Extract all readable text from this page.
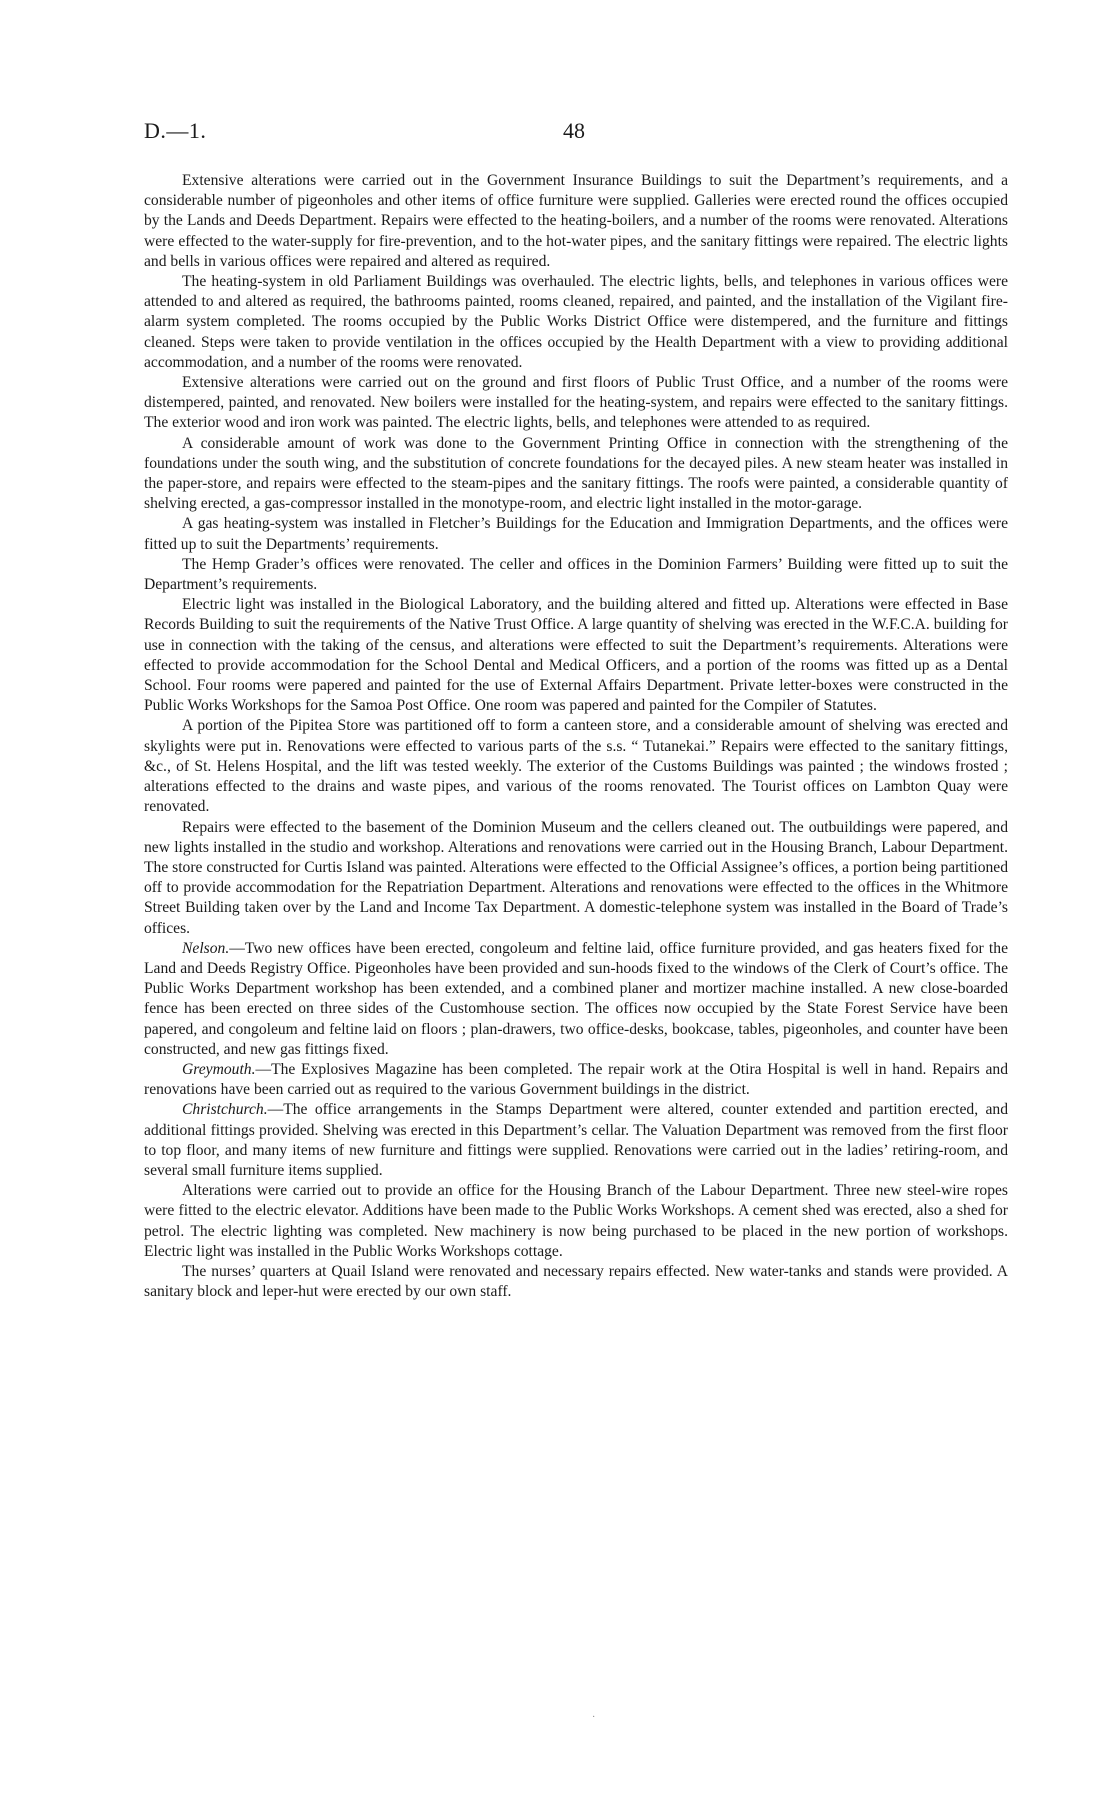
D.—1.	48

Extensive alterations were carried out in the Government Insurance Buildings to suit the Department’s requirements, and a considerable number of pigeonholes and other items of office furniture were supplied. Galleries were erected round the offices occupied by the Lands and Deeds Department. Repairs were effected to the heating-boilers, and a number of the rooms were renovated. Alterations were effected to the water-supply for fire-prevention, and to the hot-water pipes, and the sanitary fittings were repaired. The electric lights and bells in various offices were repaired and altered as required.

The heating-system in old Parliament Buildings was overhauled. The electric lights, bells, and telephones in various offices were attended to and altered as required, the bathrooms painted, rooms cleaned, repaired, and painted, and the installation of the Vigilant fire-alarm system completed. The rooms occupied by the Public Works District Office were distempered, and the furniture and fittings cleaned. Steps were taken to provide ventilation in the offices occupied by the Health Department with a view to providing additional accommodation, and a number of the rooms were renovated.

Extensive alterations were carried out on the ground and first floors of Public Trust Office, and a number of the rooms were distempered, painted, and renovated. New boilers were installed for the heating-system, and repairs were effected to the sanitary fittings. The exterior wood and iron work was painted. The electric lights, bells, and telephones were attended to as required.

A considerable amount of work was done to the Government Printing Office in connection with the strengthening of the foundations under the south wing, and the substitution of concrete foundations for the decayed piles. A new steam heater was installed in the paper-store, and repairs were effected to the steam-pipes and the sanitary fittings. The roofs were painted, a considerable quantity of shelving erected, a gas-compressor installed in the monotype-room, and electric light installed in the motor-garage.

A gas heating-system was installed in Fletcher’s Buildings for the Education and Immigration Departments, and the offices were fitted up to suit the Departments’ requirements.

The Hemp Grader’s offices were renovated. The celler and offices in the Dominion Farmers’ Building were fitted up to suit the Department’s requirements.

Electric light was installed in the Biological Laboratory, and the building altered and fitted up. Alterations were effected in Base Records Building to suit the requirements of the Native Trust Office. A large quantity of shelving was erected in the W.F.C.A. building for use in connection with the taking of the census, and alterations were effected to suit the Department’s requirements. Alterations were effected to provide accommodation for the School Dental and Medical Officers, and a portion of the rooms was fitted up as a Dental School. Four rooms were papered and painted for the use of External Affairs Department. Private letter-boxes were constructed in the Public Works Workshops for the Samoa Post Office. One room was papered and painted for the Compiler of Statutes.

A portion of the Pipitea Store was partitioned off to form a canteen store, and a considerable amount of shelving was erected and skylights were put in. Renovations were effected to various parts of the s.s. “ Tutanekai.” Repairs were effected to the sanitary fittings, &c., of St. Helens Hospital, and the lift was tested weekly. The exterior of the Customs Buildings was painted ; the windows frosted ; alterations effected to the drains and waste pipes, and various of the rooms renovated. The Tourist offices on Lambton Quay were renovated.

Repairs were effected to the basement of the Dominion Museum and the cellers cleaned out. The outbuildings were papered, and new lights installed in the studio and workshop. Alterations and renovations were carried out in the Housing Branch, Labour Department. The store constructed for Curtis Island was painted. Alterations were effected to the Official Assignee’s offices, a portion being partitioned off to provide accommodation for the Repatriation Department. Alterations and renovations were effected to the offices in the Whitmore Street Building taken over by the Land and Income Tax Department. A domestic-telephone system was installed in the Board of Trade’s offices.

Nelson.—Two new offices have been erected, congoleum and feltine laid, office furniture provided, and gas heaters fixed for the Land and Deeds Registry Office. Pigeonholes have been provided and sun-hoods fixed to the windows of the Clerk of Court’s office. The Public Works Department workshop has been extended, and a combined planer and mortizer machine installed. A new close-boarded fence has been erected on three sides of the Customhouse section. The offices now occupied by the State Forest Service have been papered, and congoleum and feltine laid on floors ; plan-drawers, two office-desks, bookcase, tables, pigeonholes, and counter have been constructed, and new gas fittings fixed.

Greymouth.—The Explosives Magazine has been completed. The repair work at the Otira Hospital is well in hand. Repairs and renovations have been carried out as required to the various Government buildings in the district.

Christchurch.—The office arrangements in the Stamps Department were altered, counter extended and partition erected, and additional fittings provided. Shelving was erected in this Department’s cellar. The Valuation Department was removed from the first floor to top floor, and many items of new furniture and fittings were supplied. Renovations were carried out in the ladies’ retiring-room, and several small furniture items supplied.

Alterations were carried out to provide an office for the Housing Branch of the Labour Department. Three new steel-wire ropes were fitted to the electric elevator. Additions have been made to the Public Works Workshops. A cement shed was erected, also a shed for petrol. The electric lighting was completed. New machinery is now being purchased to be placed in the new portion of workshops. Electric light was installed in the Public Works Workshops cottage.

The nurses’ quarters at Quail Island were renovated and necessary repairs effected. New water-tanks and stands were provided. A sanitary block and leper-hut were erected by our own staff.

·
